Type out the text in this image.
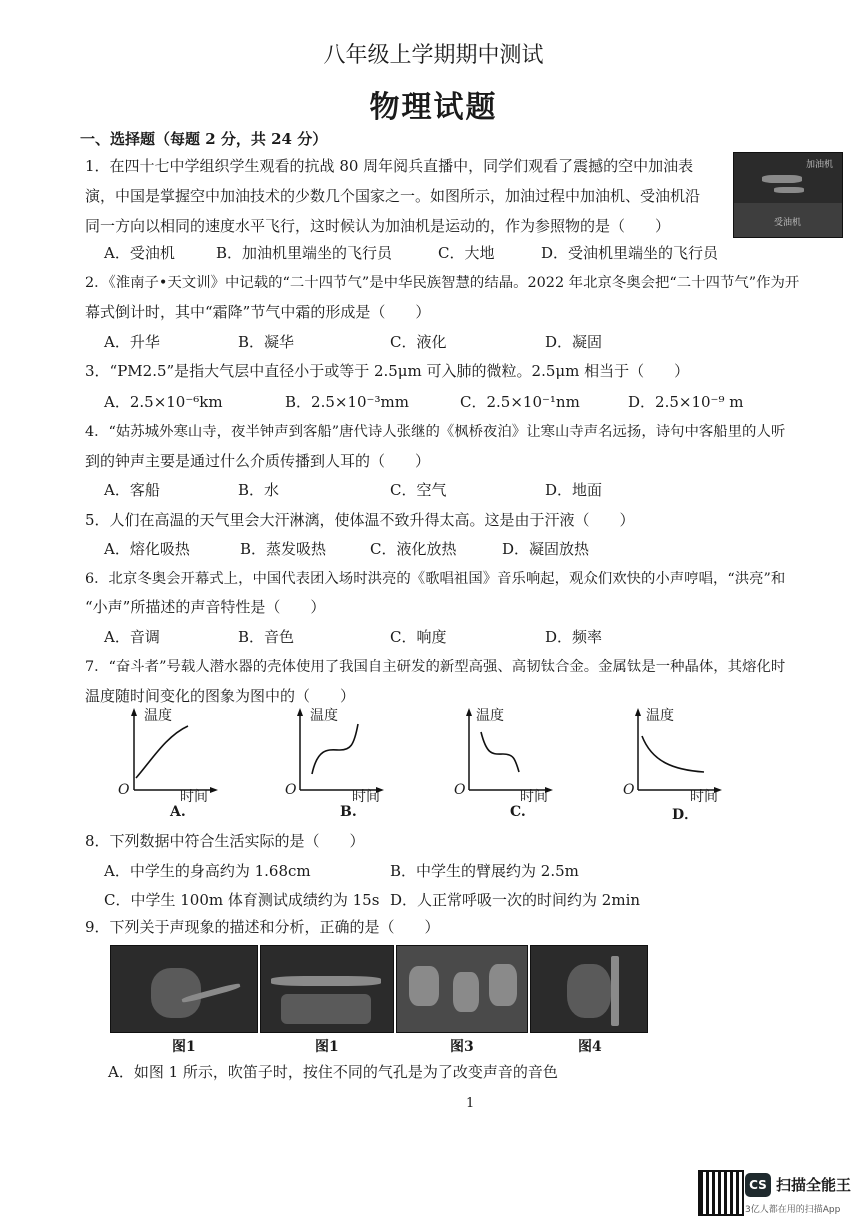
八年级上学期期中测试
物理试题
一、选择题（每题 2 分，共 24 分）
1．在四十七中学组织学生观看的抗战 80 周年阅兵直播中，同学们观看了震撼的空中加油表
演，中国是掌握空中加油技术的少数几个国家之一。如图所示，加油过程中加油机、受油机沿
同一方向以相同的速度水平飞行，这时候认为加油机是运动的，作为参照物的是（　　）
加油机
受油机
A．受油机	B．加油机里端坐的飞行员	C．大地	D．受油机里端坐的飞行员
2．《淮南子•天文训》中记载的“二十四节气”是中华民族智慧的结晶。2022 年北京冬奥会把“二十四节气”作为开
幕式倒计时，其中“霜降”节气中霜的形成是（　　）
A．升华	B．凝华	C．液化	D．凝固
3．“PM2.5”是指大气层中直径小于或等于 2.5μm 可入肺的微粒。2.5μm 相当于（　　）
A．2.5×10⁻⁶km	B．2.5×10⁻³mm	C．2.5×10⁻¹nm	D．2.5×10⁻⁹ m
4．“姑苏城外寒山寺，夜半钟声到客船”唐代诗人张继的《枫桥夜泊》让寒山寺声名远扬，诗句中客船里的人听
到的钟声主要是通过什么介质传播到人耳的（　　）
A．客船	B．水	C．空气	D．地面
5．人们在高温的天气里会大汗淋漓，使体温不致升得太高。这是由于汗液（　　）
A．熔化吸热	B．蒸发吸热	C．液化放热	D．凝固放热
6．北京冬奥会开幕式上，中国代表团入场时洪亮的《歌唱祖国》音乐响起，观众们欢快的小声哼唱，“洪亮”和
“小声”所描述的声音特性是（　　）
A．音调	B．音色	C．响度	D．频率
7．“奋斗者”号载人潜水器的壳体使用了我国自主研发的新型高强、高韧钛合金。金属钛是一种晶体，其熔化时
温度随时间变化的图象为图中的（　　）
温度
时间
O
A.
温度
时间
O
B.
温度
时间
O
C.
温度
时间
O
D．
8．下列数据中符合生活实际的是（　　）
A．中学生的身高约为 1.68cm	B．中学生的臂展约为 2.5m
C．中学生 100m 体育测试成绩约为 15s D．人正常呼吸一次的时间约为 2min
9．下列关于声现象的描述和分析，正确的是（　　）
图1	图1	图3	图4
A．如图 1 所示，吹笛子时，按住不同的气孔是为了改变声音的音色
1
CS 扫描全能王
3亿人都在用的扫描App
